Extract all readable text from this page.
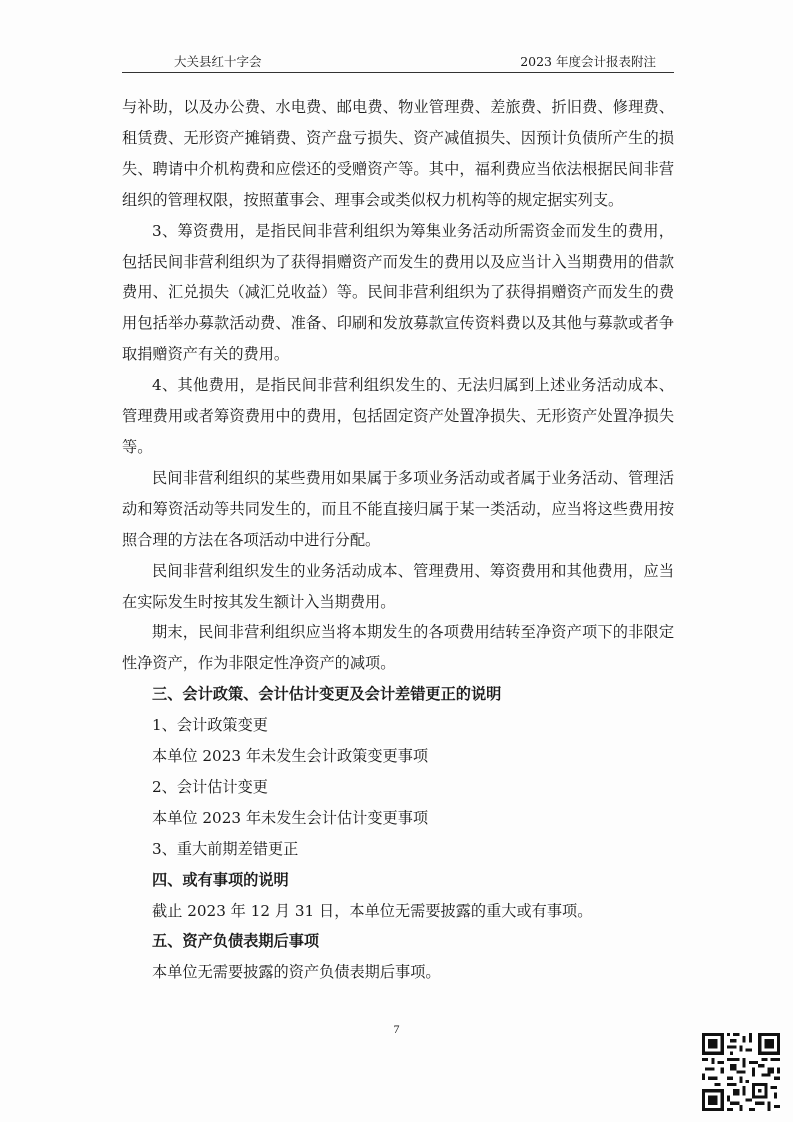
大关县红十字会	2023 年度会计报表附注

与补助，以及办公费、水电费、邮电费、物业管理费、差旅费、折旧费、修理费、租赁费、无形资产摊销费、资产盘亏损失、资产减值损失、因预计负债所产生的损失、聘请中介机构费和应偿还的受赠资产等。其中，福利费应当依法根据民间非营组织的管理权限，按照董事会、理事会或类似权力机构等的规定据实列支。

3、筹资费用，是指民间非营利组织为筹集业务活动所需资金而发生的费用，包括民间非营利组织为了获得捐赠资产而发生的费用以及应当计入当期费用的借款费用、汇兑损失（减汇兑收益）等。民间非营利组织为了获得捐赠资产而发生的费用包括举办募款活动费、准备、印刷和发放募款宣传资料费以及其他与募款或者争取捐赠资产有关的费用。

4、其他费用，是指民间非营利组织发生的、无法归属到上述业务活动成本、管理费用或者筹资费用中的费用，包括固定资产处置净损失、无形资产处置净损失等。

民间非营利组织的某些费用如果属于多项业务活动或者属于业务活动、管理活动和筹资活动等共同发生的，而且不能直接归属于某一类活动，应当将这些费用按照合理的方法在各项活动中进行分配。

民间非营利组织发生的业务活动成本、管理费用、筹资费用和其他费用，应当在实际发生时按其发生额计入当期费用。

期末，民间非营利组织应当将本期发生的各项费用结转至净资产项下的非限定性净资产，作为非限定性净资产的减项。

三、会计政策、会计估计变更及会计差错更正的说明

1、会计政策变更

本单位 2023 年未发生会计政策变更事项

2、会计估计变更

本单位 2023 年未发生会计估计变更事项

3、重大前期差错更正

四、或有事项的说明

截止 2023 年 12 月 31 日，本单位无需要披露的重大或有事项。

五、资产负债表期后事项

本单位无需要披露的资产负债表期后事项。

7
